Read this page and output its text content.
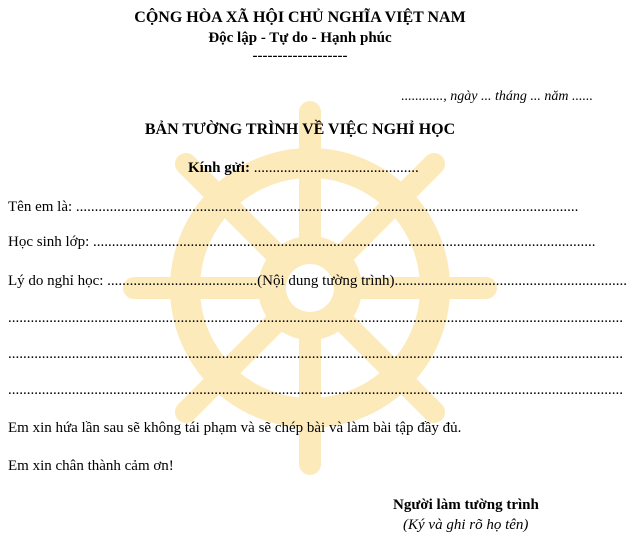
CỘNG HÒA XÃ HỘI CHỦ NGHĨA VIỆT NAM
Độc lập - Tự do - Hạnh phúc
-------------------
............, ngày ... tháng ... năm ......
BẢN TƯỜNG TRÌNH VỀ VIỆC NGHỈ HỌC
Kính gửi: ............................................
Tên em là: ......................................................................................................................................
Học sinh lớp: ......................................................................................................................................
Lý do nghỉ học: ........................................(Nội dung tường trình)..............................................................
....................................................................................................................................................................
....................................................................................................................................................................
....................................................................................................................................................................
Em xin hứa lần sau sẽ không tái phạm và sẽ chép bài và làm bài tập đầy đủ.
Em xin chân thành cảm ơn!
Người làm tường trình
(Ký và ghi rõ họ tên)
